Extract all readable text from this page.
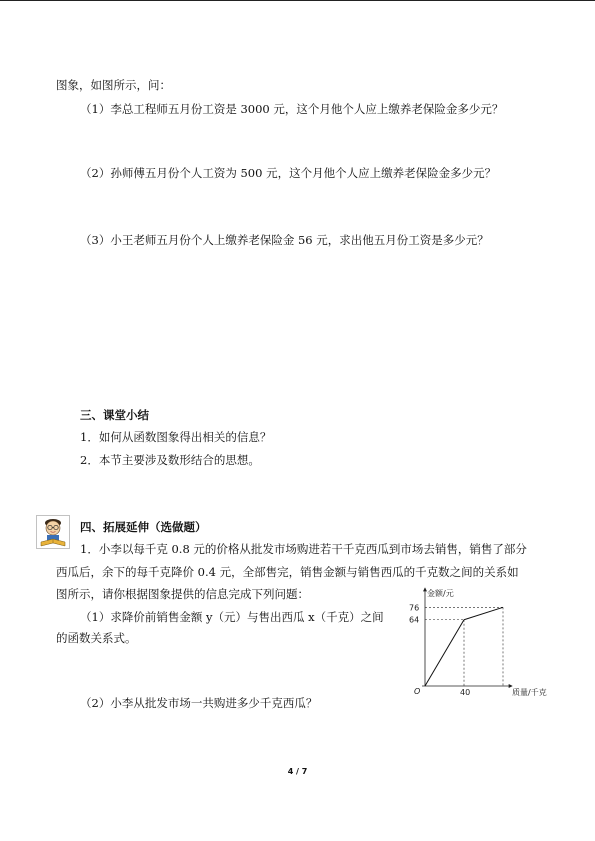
图象，如图所示，问：
（1）李总工程师五月份工资是 3000 元，这个月他个人应上缴养老保险金多少元？
（2）孙师傅五月份个人工资为 500 元，这个月他个人应上缴养老保险金多少元？
（3）小王老师五月份个人上缴养老保险金 56 元，求出他五月份工资是多少元？
三、课堂小结
1．如何从函数图象得出相关的信息？
2．本节主要涉及数形结合的思想。
四、拓展延伸（选做题）
1．小李以每千克 0.8 元的价格从批发市场购进若干千克西瓜到市场去销售，销售了部分
西瓜后，余下的每千克降价 0.4 元，全部售完，销售金额与销售西瓜的千克数之间的关系如
图所示，请你根据图象提供的信息完成下列问题：
（1）求降价前销售金额 y（元）与售出西瓜 x（千克）之间
的函数关系式。
（2）小李从批发市场一共购进多少千克西瓜？
金额/元
质量/千克
O
76
64
40
4 / 7
